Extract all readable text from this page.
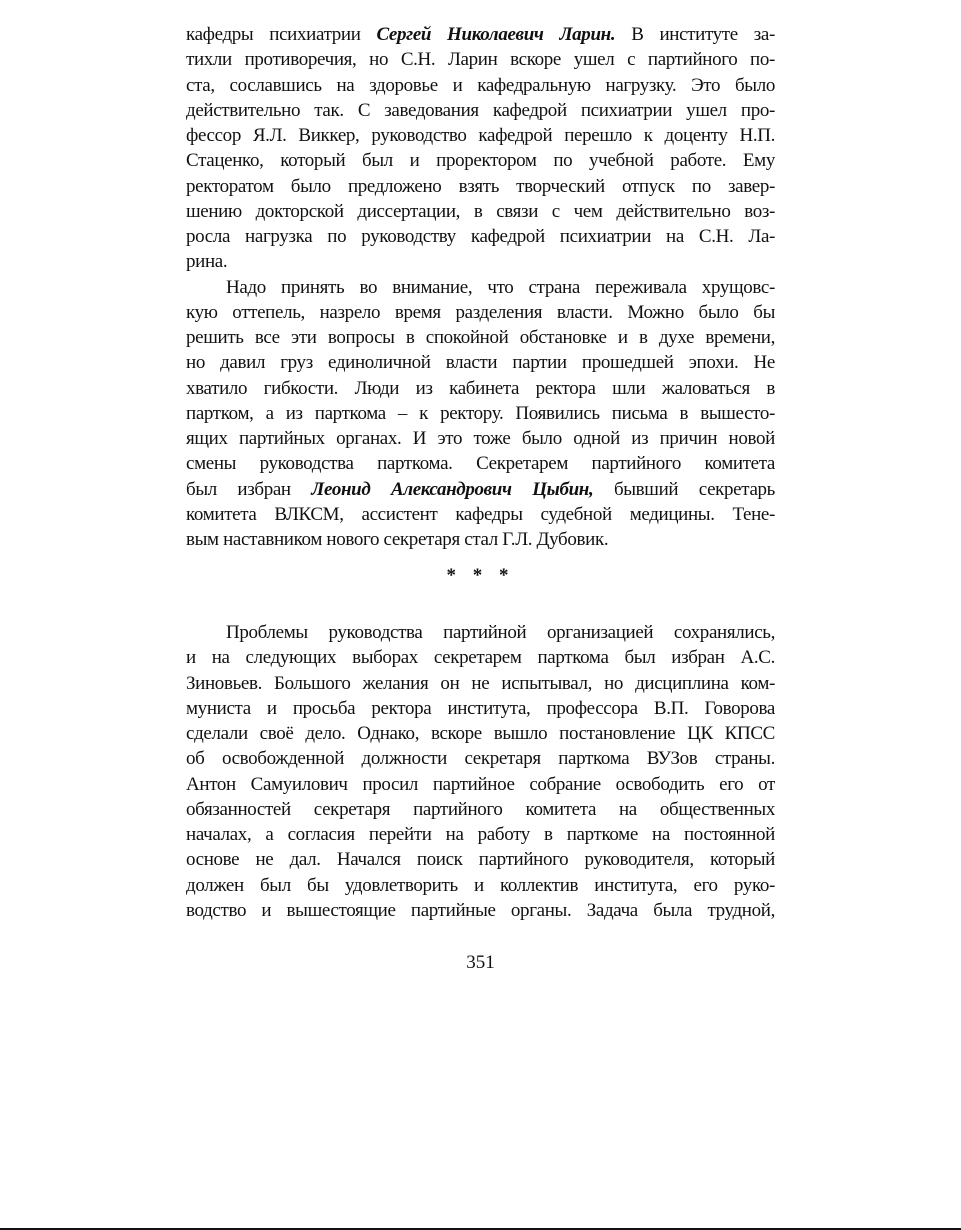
кафедры психиатрии Сергей Николаевич Ларин. В институте за-
тихли противоречия, но С.Н. Ларин вскоре ушел с партийного по-
ста, сославшись на здоровье и кафедральную нагрузку. Это было
действительно так. С заведования кафедрой психиатрии ушел про-
фессор Я.Л. Виккер, руководство кафедрой перешло к доценту Н.П.
Стаценко, который был и проректором по учебной работе. Ему
ректоратом было предложено взять творческий отпуск по завер-
шению докторской диссертации, в связи с чем действительно воз-
росла нагрузка по руководству кафедрой психиатрии на С.Н. Ла-
рина.
Надо принять во внимание, что страна переживала хрущовс-
кую оттепель, назрело время разделения власти. Можно было бы
решить все эти вопросы в спокойной обстановке и в духе времени,
но давил груз единоличной власти партии прошедшей эпохи. Не
хватило гибкости. Люди из кабинета ректора шли жаловаться в
партком, а из парткома – к ректору. Появились письма в вышесто-
ящих партийных органах. И это тоже было одной из причин новой
смены руководства парткома. Секретарем партийного комитета
был избран Леонид Александрович Цыбин, бывший секретарь
комитета ВЛКСМ, ассистент кафедры судебной медицины. Тене-
вым наставником нового секретаря стал Г.Л. Дубовик.
* * *
Проблемы руководства партийной организацией сохранялись,
и на следующих выборах секретарем парткома был избран А.С.
Зиновьев. Большого желания он не испытывал, но дисциплина ком-
муниста и просьба ректора института, профессора В.П. Говорова
сделали своё дело. Однако, вскоре вышло постановление ЦК КПСС
об освобожденной должности секретаря парткома ВУЗов страны.
Антон Самуилович просил партийное собрание освободить его от
обязанностей секретаря партийного комитета на общественных
началах, а согласия перейти на работу в парткоме на постоянной
основе не дал. Начался поиск партийного руководителя, который
должен был бы удовлетворить и коллектив института, его руко-
водство и вышестоящие партийные органы. Задача была трудной,
351
